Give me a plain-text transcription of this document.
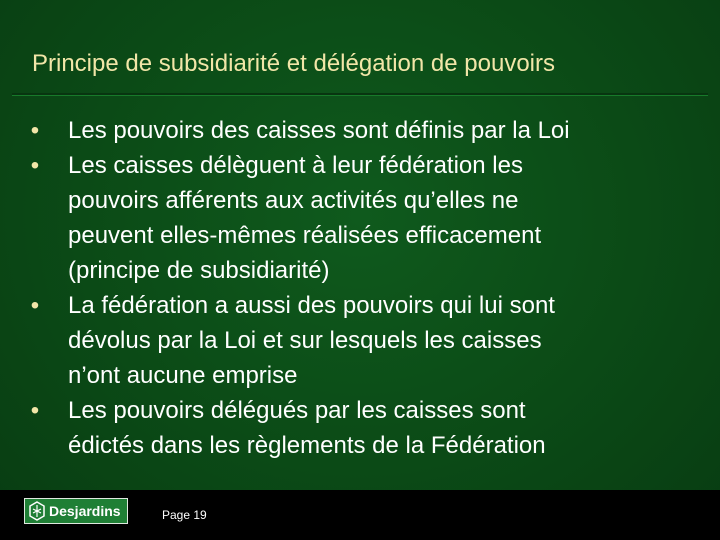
Principe de subsidiarité et délégation de pouvoirs
• Les pouvoirs des caisses sont définis par la Loi
• Les caisses délèguent à leur fédération les
pouvoirs afférents aux activités qu’elles ne
peuvent elles-mêmes réalisées efficacement
(principe de subsidiarité)
• La fédération a aussi des pouvoirs qui lui sont
dévolus par la Loi et sur lesquels les caisses
n’ont aucune emprise
• Les pouvoirs délégués par les caisses sont
édictés dans les règlements de la Fédération
Desjardins	Page 19
